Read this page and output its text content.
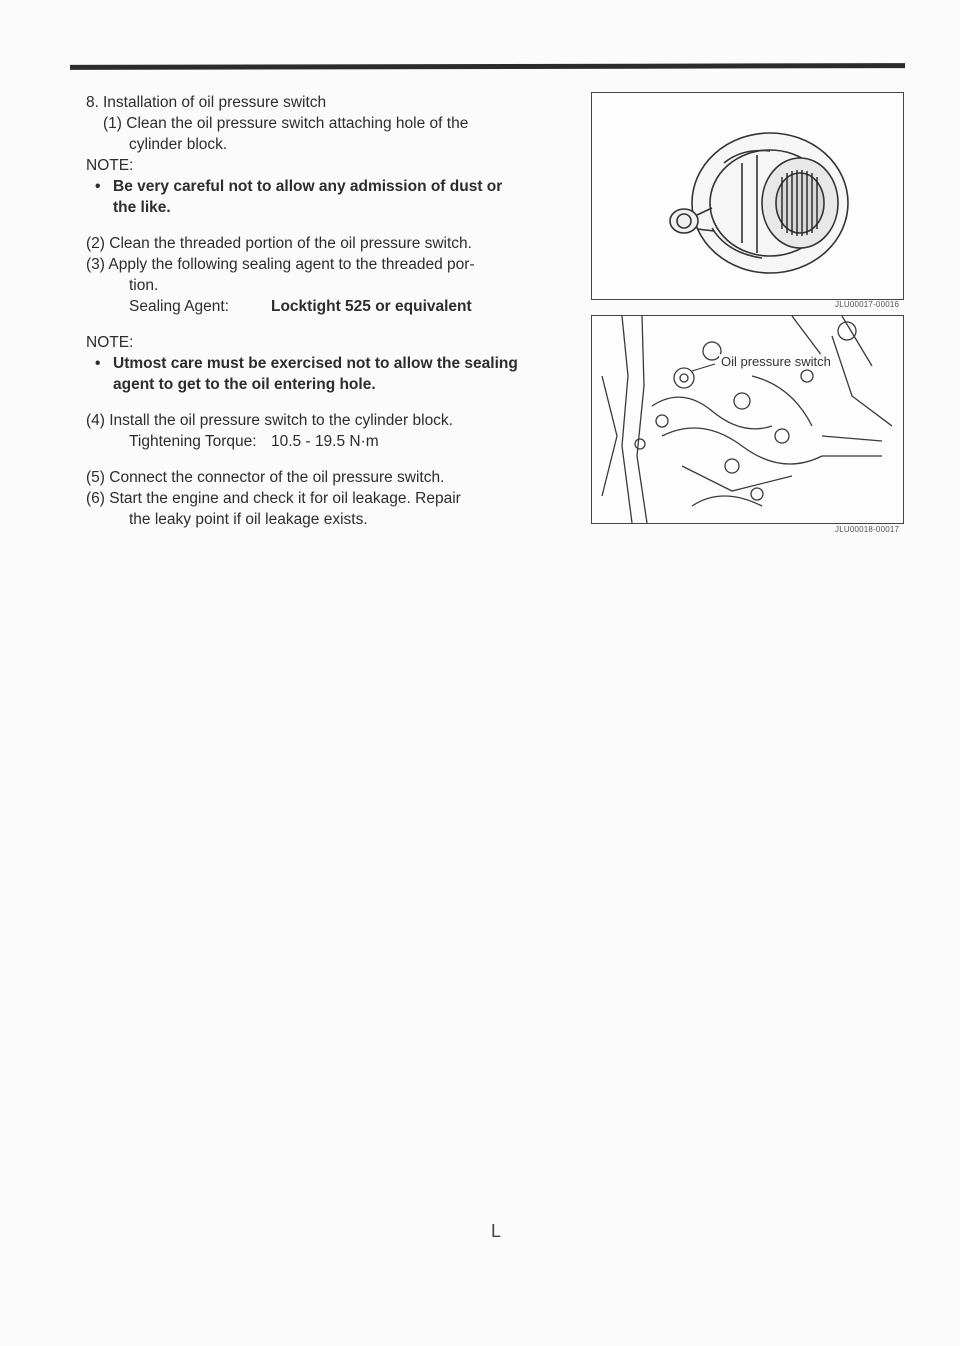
8. Installation of oil pressure switch
(1) Clean the oil pressure switch attaching hole of the
cylinder block.
NOTE:
• Be very careful not to allow any admission of dust or
the like.
(2) Clean the threaded portion of the oil pressure switch.
(3) Apply the following sealing agent to the threaded por-
tion.
Sealing Agent:	Locktight 525 or equivalent
NOTE:
• Utmost care must be exercised not to allow the sealing
agent to get to the oil entering hole.
(4) Install the oil pressure switch to the cylinder block.
Tightening Torque: 10.5 - 19.5 N·m
(5) Connect the connector of the oil pressure switch.
(6) Start the engine and check it for oil leakage. Repair
the leaky point if oil leakage exists.
JLU00017-00016
Oil pressure switch
JLU00018-00017
L
